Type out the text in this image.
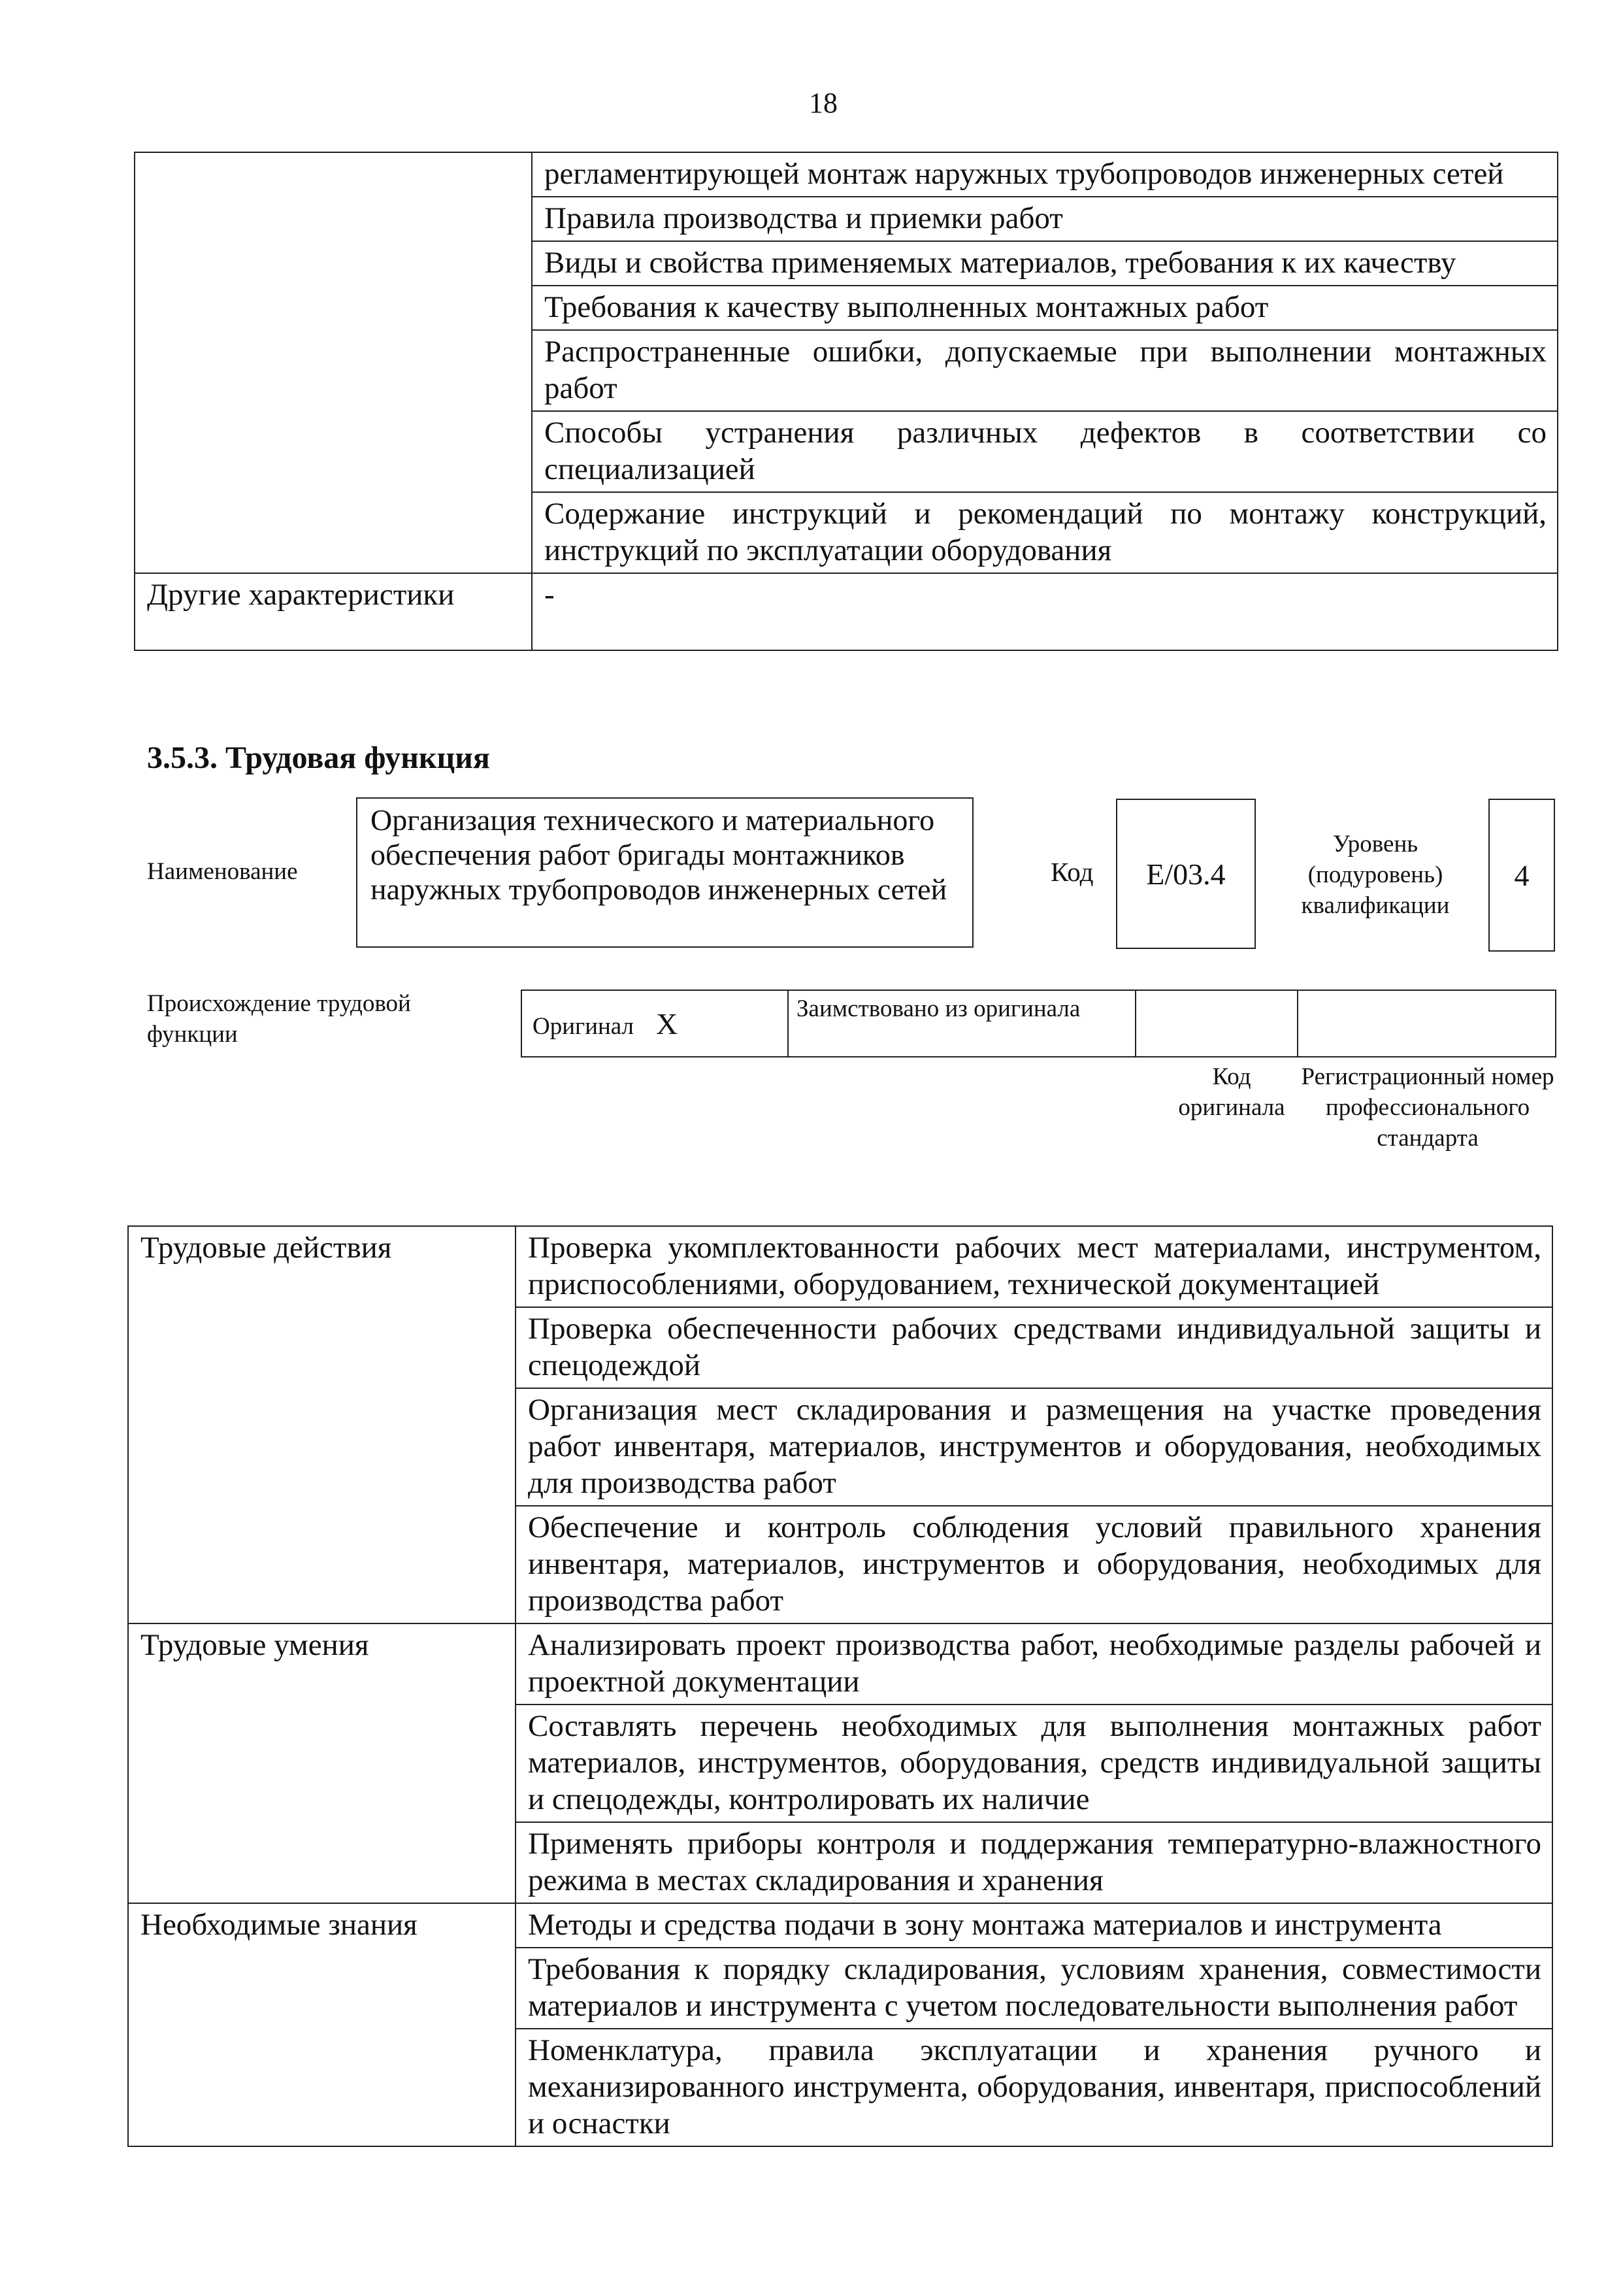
18
	регламентирующей монтаж наружных трубопроводов инженерных сетей
	Правила производства и приемки работ
	Виды и свойства применяемых материалов, требования к их качеству
	Требования к качеству выполненных монтажных работ
	Распространенные ошибки, допускаемые при выполнении монтажных работ
	Способы устранения различных дефектов в соответствии со специализацией
	Содержание инструкций и рекомендаций по монтажу конструкций, инструкций по эксплуатации оборудования
Другие характеристики	-
3.5.3. Трудовая функция
Наименование
Организация технического и материального обеспечения работ бригады монтажников наружных трубопроводов инженерных сетей
Код E/03.4
Уровень (подуровень) квалификации
4
Происхождение трудовой функции	Оригинал X	Заимствовано из оригинала		
Код оригинала
Регистрационный номер профессионального стандарта
Трудовые действия	Проверка укомплектованности рабочих мест материалами, инструментом, приспособлениями, оборудованием, технической документацией
	Проверка обеспеченности рабочих средствами индивидуальной защиты и спецодеждой
	Организация мест складирования и размещения на участке проведения работ инвентаря, материалов, инструментов и оборудования, необходимых для производства работ
	Обеспечение и контроль соблюдения условий правильного хранения инвентаря, материалов, инструментов и оборудования, необходимых для производства работ
Трудовые умения	Анализировать проект производства работ, необходимые разделы рабочей и проектной документации
	Составлять перечень необходимых для выполнения монтажных работ материалов, инструментов, оборудования, средств индивидуальной защиты и спецодежды, контролировать их наличие
	Применять приборы контроля и поддержания температурно-влажностного режима в местах складирования и хранения
Необходимые знания	Методы и средства подачи в зону монтажа материалов и инструмента
	Требования к порядку складирования, условиям хранения, совместимости материалов и инструмента с учетом последовательности выполнения работ
	Номенклатура, правила эксплуатации и хранения ручного и механизированного инструмента, оборудования, инвентаря, приспособлений и оснастки
